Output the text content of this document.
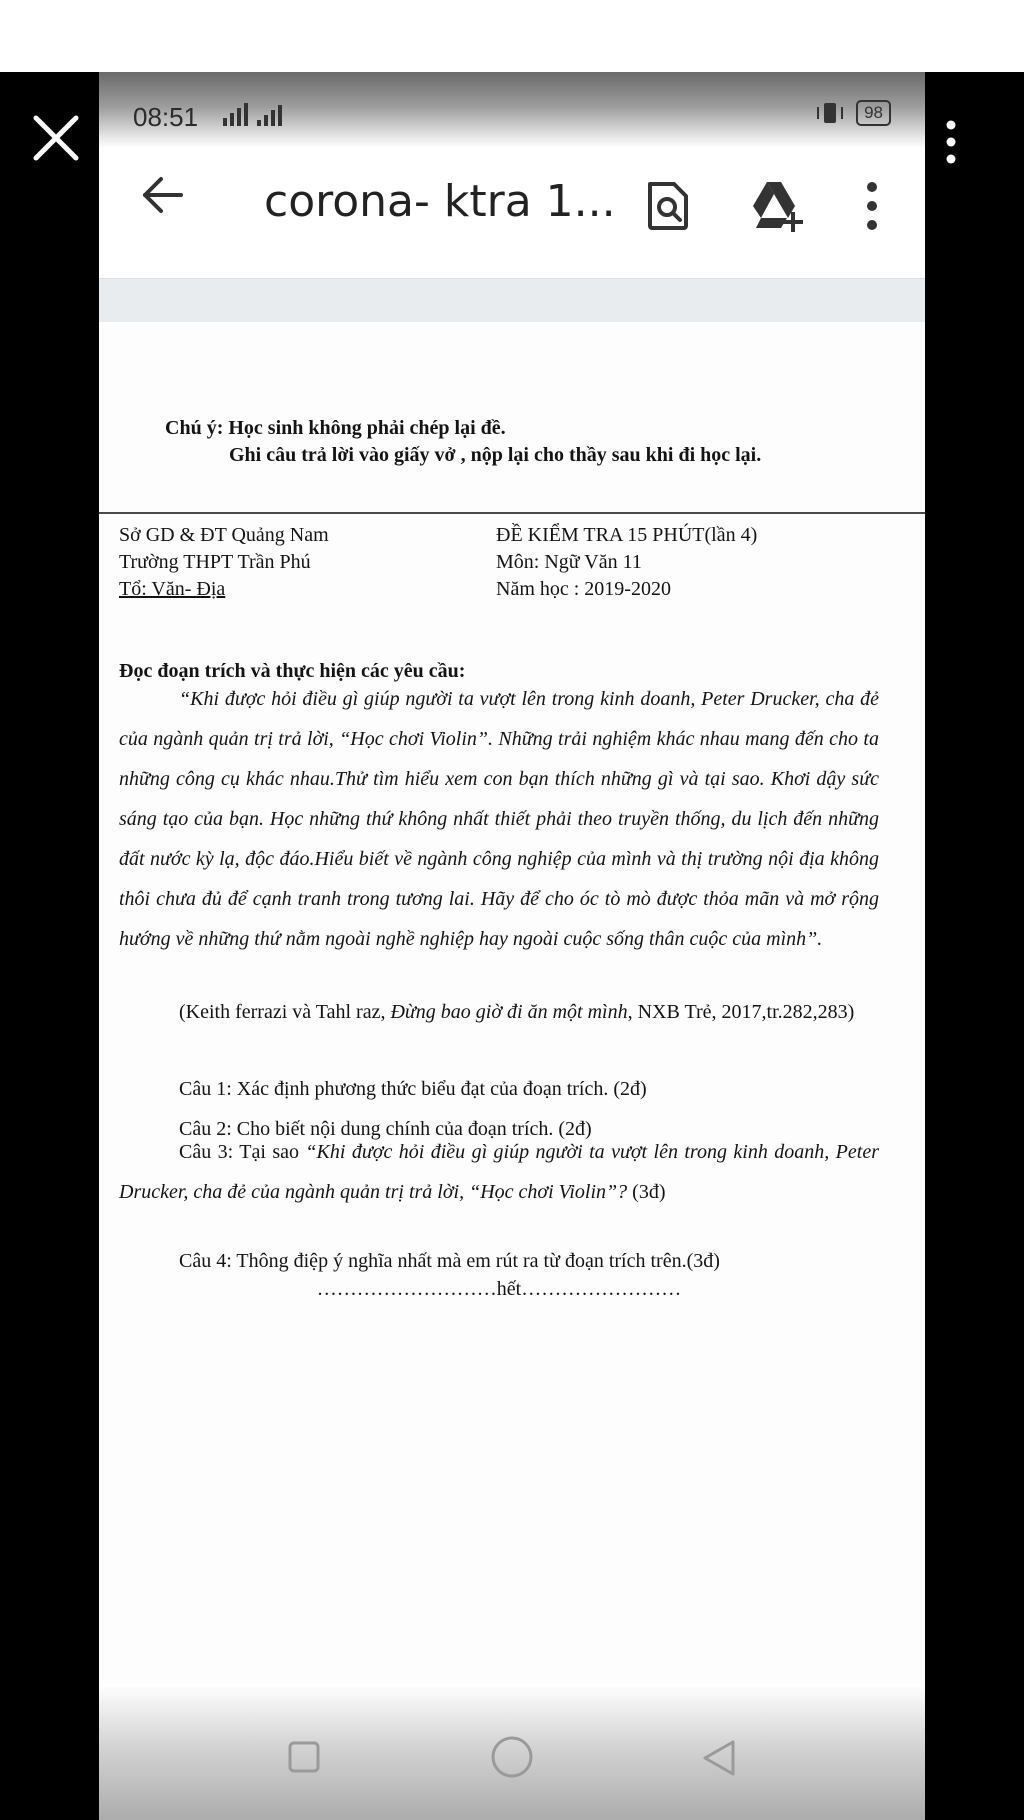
08:51	98
corona- ktra 1...
Chú ý: Học sinh không phải chép lại đề.
Ghi câu trả lời vào giấy vở , nộp lại cho thầy sau khi đi học lại.
Sở GD & ĐT Quảng Nam
Trường THPT Trần Phú
Tổ: Văn- Địa
ĐỀ KIỂM TRA 15 PHÚT(lần 4)
Môn: Ngữ Văn 11
Năm học : 2019-2020
Đọc đoạn trích và thực hiện các yêu cầu:

“Khi được hỏi điều gì giúp người ta vượt lên trong kinh doanh, Peter Drucker, cha đẻ của ngành quản trị trả lời, “Học chơi Violin”. Những trải nghiệm khác nhau mang đến cho ta những công cụ khác nhau.Thử tìm hiểu xem con bạn thích những gì và tại sao. Khơi dậy sức sáng tạo của bạn. Học những thứ không nhất thiết phải theo truyền thống, du lịch đến những đất nước kỳ lạ, độc đáo.Hiểu biết về ngành công nghiệp của mình và thị trường nội địa không thôi chưa đủ để cạnh tranh trong tương lai. Hãy để cho óc tò mò được thỏa mãn và mở rộng hướng về những thứ nằm ngoài nghề nghiệp hay ngoài cuộc sống thân cuộc của mình”.

(Keith ferrazi và Tahl raz, Đừng bao giờ đi ăn một mình, NXB Trẻ, 2017,tr.282,283)

Câu 1: Xác định phương thức biểu đạt của đoạn trích. (2đ)
Câu 2: Cho biết nội dung chính của đoạn trích. (2đ)

Câu 3: Tại sao “Khi được hỏi điều gì giúp người ta vượt lên trong kinh doanh, Peter Drucker, cha đẻ của ngành quản trị trả lời, “Học chơi Violin”? (3đ)

Câu 4: Thông điệp ý nghĩa nhất mà em rút ra từ đoạn trích trên.(3đ)
………………………hết……………………
